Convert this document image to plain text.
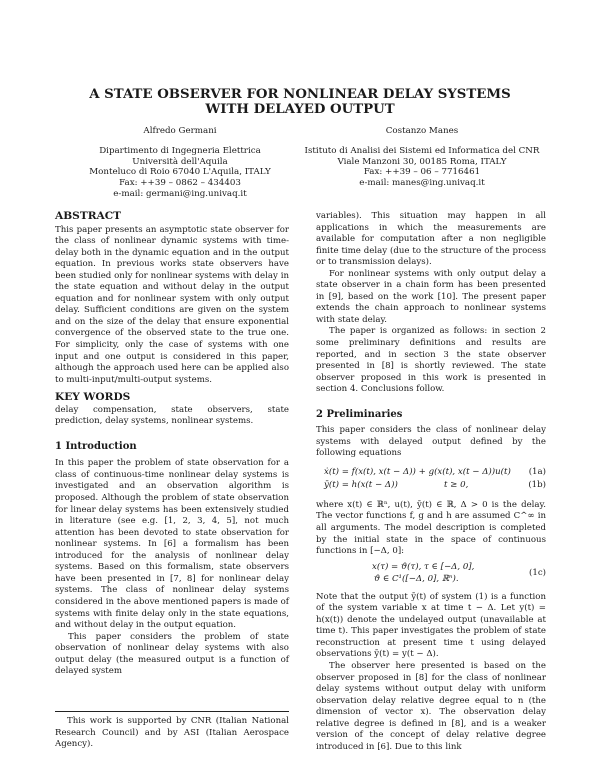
A STATE OBSERVER FOR NONLINEAR DELAY SYSTEMS
WITH DELAYED OUTPUT
Alfredo Germani
Dipartimento di Ingegneria Elettrica
Università dell'Aquila
Monteluco di Roio 67040 L'Aquila, ITALY
Fax: ++39 – 0862 – 434403
e-mail: germani@ing.univaq.it
Costanzo Manes
Istituto di Analisi dei Sistemi ed Informatica del CNR
Viale Manzoni 30, 00185 Roma, ITALY
Fax: ++39 – 06 – 7716461
e-mail: manes@ing.univaq.it
ABSTRACT

This paper presents an asymptotic state observer for the class of nonlinear dynamic systems with time-delay both in the dynamic equation and in the output equation. In previous works state observers have been studied only for nonlinear systems with delay in the state equation and without delay in the output equation and for nonlinear system with only output delay. Sufficient conditions are given on the system and on the size of the delay that ensure exponential convergence of the observed state to the true one. For simplicity, only the case of systems with one input and one output is considered in this paper, although the approach used here can be applied also to multi-input/multi-output systems.

KEY WORDS

delay compensation, state observers, state prediction, delay systems, nonlinear systems.

1 Introduction

In this paper the problem of state observation for a class of continuous-time nonlinear delay systems is investigated and an observation algorithm is proposed. Although the problem of state observation for linear delay systems has been extensively studied in literature (see e.g. [1, 2, 3, 4, 5], not much attention has been devoted to state observation for nonlinear systems. In [6] a formalism has been introduced for the analysis of nonlinear delay systems. Based on this formalism, state observers have been presented in [7, 8] for nonlinear delay systems. The class of nonlinear delay systems considered in the above mentioned papers is made of systems with finite delay only in the state equations, and without delay in the output equation.

This paper considers the problem of state observation of nonlinear delay systems with also output delay (the measured output is a function of delayed system

This work is supported by CNR (Italian National Research Council) and by ASI (Italian Aerospace Agency).

variables). This situation may happen in all applications in which the measurements are available for computation after a non negligible finite time delay (due to the structure of the process or to transmission delays).

For nonlinear systems with only output delay a state observer in a chain form has been presented in [9], based on the work [10]. The present paper extends the chain approach to nonlinear systems with state delay.

The paper is organized as follows: in section 2 some preliminary definitions and results are reported, and in section 3 the state observer presented in [8] is shortly reviewed. The state observer proposed in this work is presented in section 4. Conclusions follow.

2 Preliminaries

This paper considers the class of nonlinear delay systems with delayed output defined by the following equations

ẋ(t) = f(x(t), x(t − Δ)) + g(x(t), x(t − Δ))u(t) (1a)
ȳ(t) = h(x(t − Δ))	t ≥ 0,	(1b)

where x(t) ∈ ℝⁿ, u(t), ȳ(t) ∈ ℝ, Δ > 0 is the delay. The vector functions f, g and h are assumed C^∞ in all arguments. The model description is completed by the initial state in the space of continuous functions in [−Δ, 0]:

x(τ) = ϑ(τ), τ ∈ [−Δ, 0],
ϑ ∈ C¹([−Δ, 0], ℝⁿ).
(1c)

Note that the output ȳ(t) of system (1) is a function of the system variable x at time t − Δ. Let y(t) = h(x(t)) denote the undelayed output (unavailable at time t). This paper investigates the problem of state reconstruction at present time t using delayed observations ȳ(t) = y(t − Δ).

The observer here presented is based on the observer proposed in [8] for the class of nonlinear delay systems without output delay with uniform observation delay relative degree equal to n (the dimension of vector x). The observation delay relative degree is defined in [8], and is a weaker version of the concept of delay relative degree introduced in [6]. Due to this link
